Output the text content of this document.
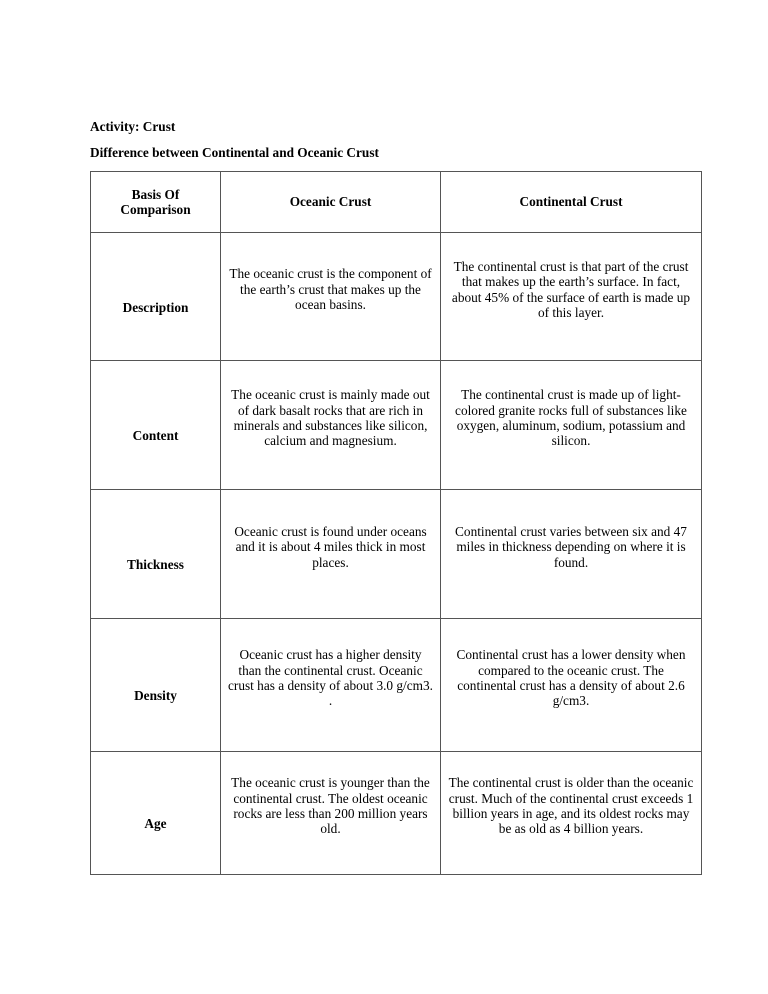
Activity: Crust

Difference between Continental and Oceanic Crust

Basis Of Comparison	Oceanic Crust	Continental Crust
Description	The oceanic crust is the component of the earth’s crust that makes up the ocean basins.	The continental crust is that part of the crust that makes up the earth’s surface. In fact, about 45% of the surface of earth is made up of this layer.
Content	The oceanic crust is mainly made out of dark basalt rocks that are rich in minerals and substances like silicon, calcium and magnesium.	The continental crust is made up of light-colored granite rocks full of substances like oxygen, aluminum, sodium, potassium and silicon.
Thickness	Oceanic crust is found under oceans and it is about 4 miles thick in most places.	Continental crust varies between six and 47 miles in thickness depending on where it is found.
Density	Oceanic crust has a higher density than the continental crust. Oceanic crust has a density of about 3.0 g/cm3. .	Continental crust has a lower density when compared to the oceanic crust. The continental crust has a density of about 2.6 g/cm3.
Age	The oceanic crust is younger than the continental crust. The oldest oceanic rocks are less than 200 million years old.	The continental crust is older than the oceanic crust. Much of the continental crust exceeds 1 billion years in age, and its oldest rocks may be as old as 4 billion years.
